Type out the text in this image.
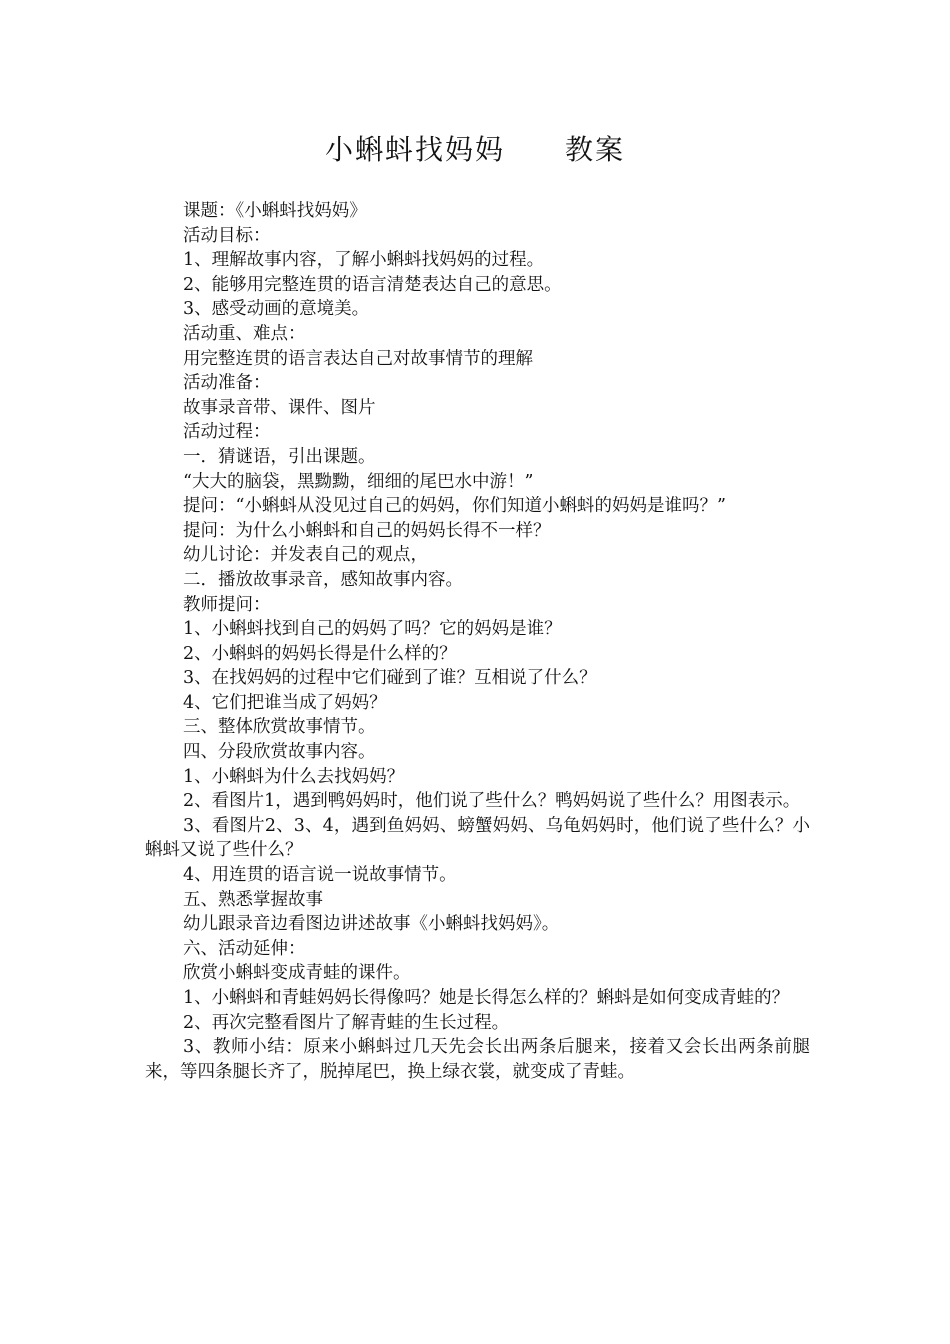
小蝌蚪找妈妈　　教案
课题：《小蝌蚪找妈妈》
活动目标：
1、理解故事内容，了解小蝌蚪找妈妈的过程。
2、能够用完整连贯的语言清楚表达自己的意思。
3、感受动画的意境美。
活动重、难点：
用完整连贯的语言表达自己对故事情节的理解
活动准备：
故事录音带、课件、图片
活动过程：
一．猜谜语，引出课题。
“大大的脑袋，黑黝黝，细细的尾巴水中游！”
提问：“小蝌蚪从没见过自己的妈妈，你们知道小蝌蚪的妈妈是谁吗？”
提问：为什么小蝌蚪和自己的妈妈长得不一样？
幼儿讨论：并发表自己的观点，
二．播放故事录音，感知故事内容。
教师提问：
1、小蝌蚪找到自己的妈妈了吗？它的妈妈是谁？
2、小蝌蚪的妈妈长得是什么样的？
3、在找妈妈的过程中它们碰到了谁？互相说了什么？
4、它们把谁当成了妈妈？
三、整体欣赏故事情节。
四、分段欣赏故事内容。
1、小蝌蚪为什么去找妈妈？
2、看图片1，遇到鸭妈妈时，他们说了些什么？鸭妈妈说了些什么？用图表示。
3、看图片2、3、4，遇到鱼妈妈、螃蟹妈妈、乌龟妈妈时，他们说了些什么？小蝌蚪又说了些什么？
4、用连贯的语言说一说故事情节。
五、熟悉掌握故事
幼儿跟录音边看图边讲述故事《小蝌蚪找妈妈》。
六、活动延伸：
欣赏小蝌蚪变成青蛙的课件。
1、小蝌蚪和青蛙妈妈长得像吗？她是长得怎么样的？蝌蚪是如何变成青蛙的？
2、再次完整看图片了解青蛙的生长过程。
3、教师小结：原来小蝌蚪过几天先会长出两条后腿来，接着又会长出两条前腿来，等四条腿长齐了，脱掉尾巴，换上绿衣裳，就变成了青蛙。
